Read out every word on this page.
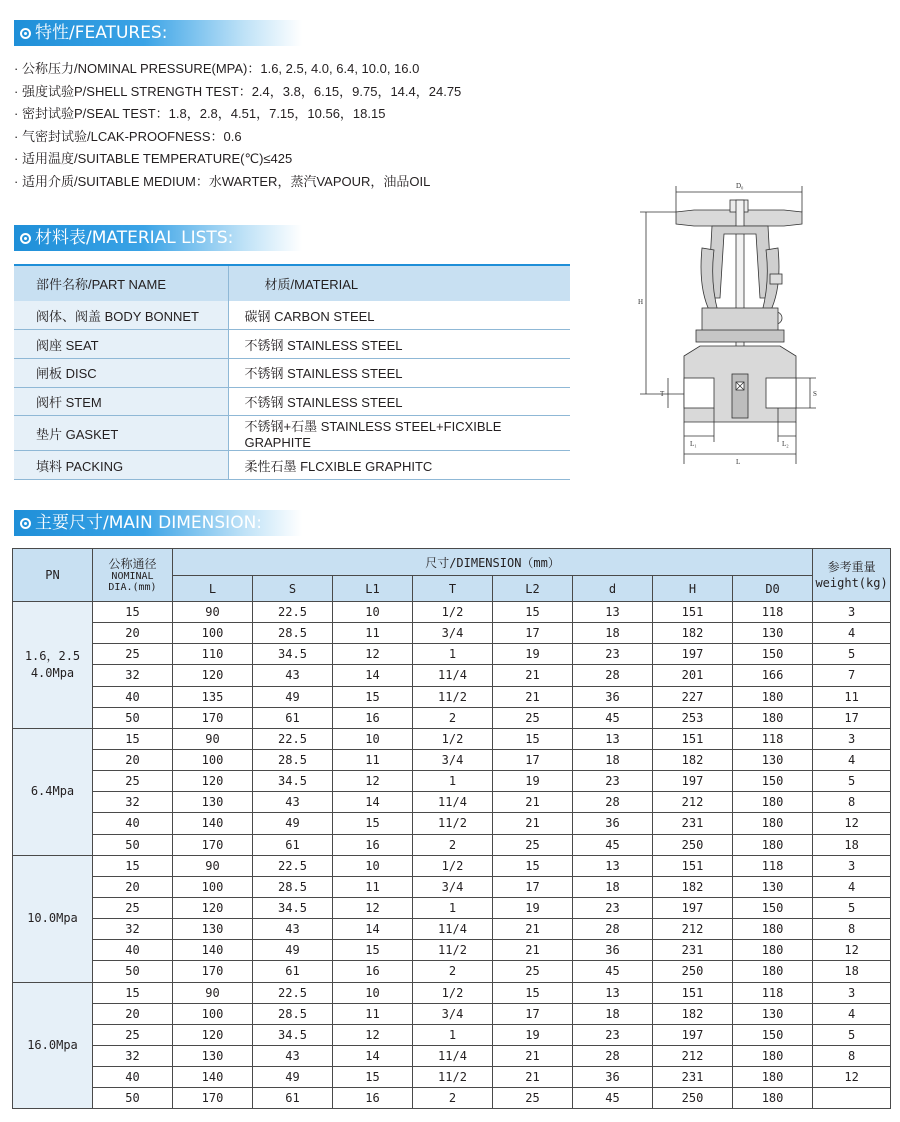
特性/FEATURES:
· 公称压力/NOMINAL PRESSURE(MPA)：1.6, 2.5, 4.0, 6.4, 10.0, 16.0
· 强度试验P/SHELL STRENGTH TEST：2.4，3.8，6.15，9.75，14.4，24.75
· 密封试验P/SEAL TEST：1.8，2.8，4.51，7.15，10.56，18.15
· 气密封试验/LCAK-PROOFNESS：0.6
· 适用温度/SUITABLE TEMPERATURE(℃)≤425
· 适用介质/SUITABLE MEDIUM：水WARTER，蒸汽VAPOUR，油品OIL
材料表/MATERIAL LISTS:
部件名称/PART NAME	材质/MATERIAL
阀体、阀盖 BODY BONNET	碳钢 CARBON STEEL
阀座 SEAT	不锈钢 STAINLESS STEEL
闸板 DISC	不锈钢 STAINLESS STEEL
阀杆 STEM	不锈钢 STAINLESS STEEL
垫片 GASKET	不锈钢+石墨 STAINLESS STEEL+FICXIBLE GRAPHITE
填料 PACKING	柔性石墨 FLCXIBLE GRAPHITC
D₀
H
T	S
L₁	L₂
L
主要尺寸/MAIN DIMENSION:
PN	公称通径
NOMINAL
DIA.(mm)	尺寸/DIMENSION（mm）								参考重量
weight(kg)

		L	S	L1	T	L2	d	H	D0	
1.6，2.5
4.0Mpa	15	90	22.5	10	1/2	15	13	151	118	3
	20	100	28.5	11	3/4	17	18	182	130	4
	25	110	34.5	12	1	19	23	197	150	5
	32	120	43	14	11/4	21	28	201	166	7
	40	135	49	15	11/2	21	36	227	180	11
	50	170	61	16	2	25	45	253	180	17
6.4Mpa	15	90	22.5	10	1/2	15	13	151	118	3
	20	100	28.5	11	3/4	17	18	182	130	4
	25	120	34.5	12	1	19	23	197	150	5
	32	130	43	14	11/4	21	28	212	180	8
	40	140	49	15	11/2	21	36	231	180	12
	50	170	61	16	2	25	45	250	180	18
10.0Mpa	15	90	22.5	10	1/2	15	13	151	118	3
	20	100	28.5	11	3/4	17	18	182	130	4
	25	120	34.5	12	1	19	23	197	150	5
	32	130	43	14	11/4	21	28	212	180	8
	40	140	49	15	11/2	21	36	231	180	12
	50	170	61	16	2	25	45	250	180	18
16.0Mpa	15	90	22.5	10	1/2	15	13	151	118	3
	20	100	28.5	11	3/4	17	18	182	130	4
	25	120	34.5	12	1	19	23	197	150	5
	32	130	43	14	11/4	21	28	212	180	8
	40	140	49	15	11/2	21	36	231	180	12
	50	170	61	16	2	25	45	250	180	
